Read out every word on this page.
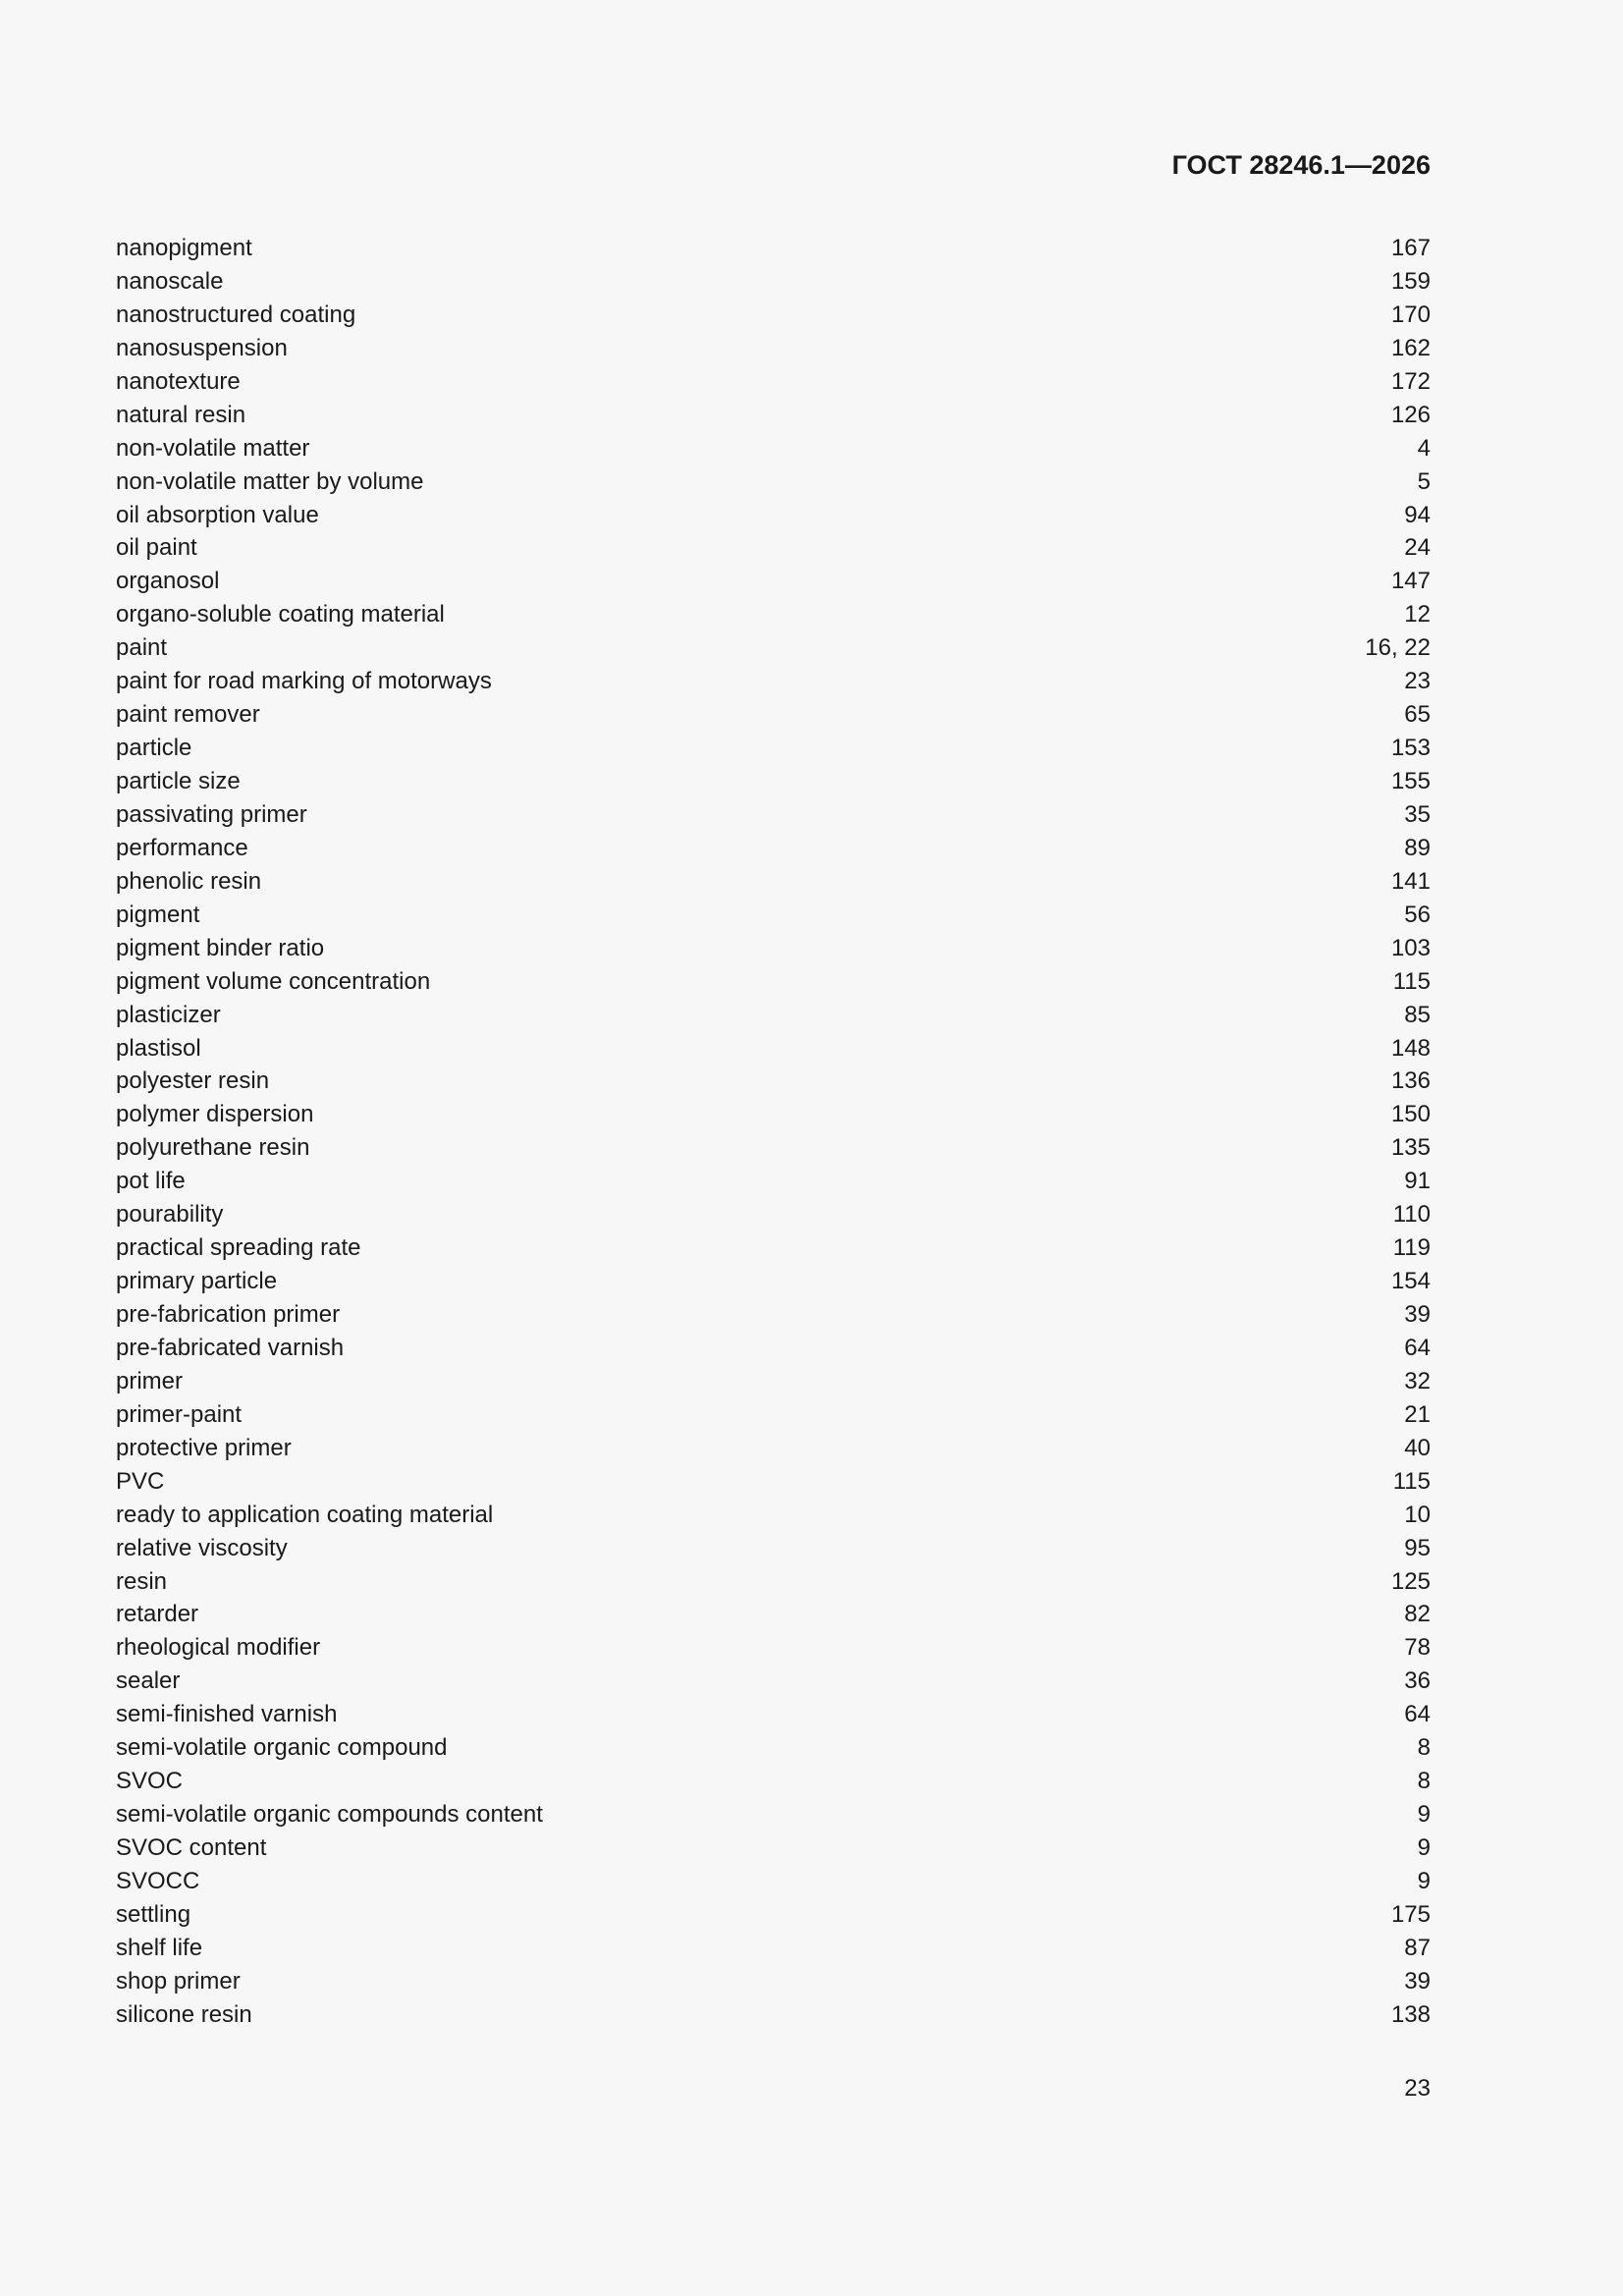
ГОСТ 28246.1—2026
nanopigment	167
nanoscale	159
nanostructured coating	170
nanosuspension	162
nanotexture	172
natural resin	126
non-volatile matter	4
non-volatile matter by volume	5
oil absorption value	94
oil paint	24
organosol	147
organo-soluble coating material	12
paint	16, 22
paint for road marking of motorways	23
paint remover	65
particle	153
particle size	155
passivating primer	35
performance	89
phenolic resin	141
pigment	56
pigment binder ratio	103
pigment volume concentration	115
plasticizer	85
plastisol	148
polyester resin	136
polymer dispersion	150
polyurethane resin	135
pot life	91
pourability	110
practical spreading rate	119
primary particle	154
pre-fabrication primer	39
pre-fabricated varnish	64
primer	32
primer-paint	21
protective primer	40
PVC	115
ready to application coating material	10
relative viscosity	95
resin	125
retarder	82
rheological modifier	78
sealer	36
semi-finished varnish	64
semi-volatile organic compound	8
SVOC	8
semi-volatile organic compounds content	9
SVOC content	9
SVOCC	9
settling	175
shelf life	87
shop primer	39
silicone resin	138
23
